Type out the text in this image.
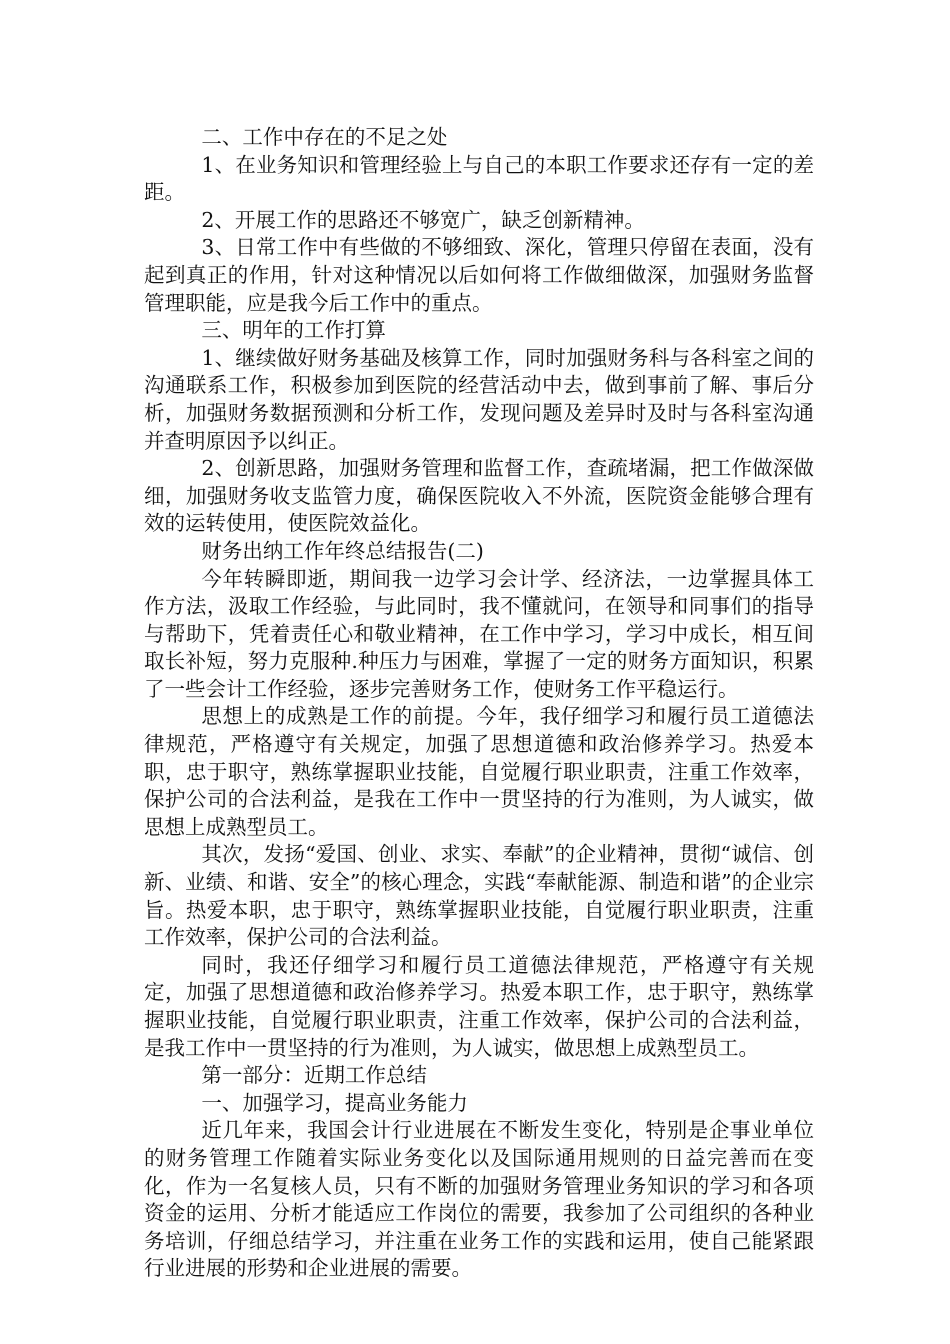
二、工作中存在的不足之处

1、在业务知识和管理经验上与自己的本职工作要求还存有一定的差距。

2、开展工作的思路还不够宽广，缺乏创新精神。

3、日常工作中有些做的不够细致、深化，管理只停留在表面，没有起到真正的作用，针对这种情况以后如何将工作做细做深，加强财务监督管理职能，应是我今后工作中的重点。

三、明年的工作打算

1、继续做好财务基础及核算工作，同时加强财务科与各科室之间的沟通联系工作，积极参加到医院的经营活动中去，做到事前了解、事后分析，加强财务数据预测和分析工作，发现问题及差异时及时与各科室沟通并查明原因予以纠正。

2、创新思路，加强财务管理和监督工作，查疏堵漏，把工作做深做细，加强财务收支监管力度，确保医院收入不外流，医院资金能够合理有效的运转使用，使医院效益化。

财务出纳工作年终总结报告(二)

今年转瞬即逝，期间我一边学习会计学、经济法，一边掌握具体工作方法，汲取工作经验，与此同时，我不懂就问，在领导和同事们的指导与帮助下，凭着责任心和敬业精神，在工作中学习，学习中成长，相互间取长补短，努力克服种.种压力与困难，掌握了一定的财务方面知识，积累了一些会计工作经验，逐步完善财务工作，使财务工作平稳运行。

思想上的成熟是工作的前提。今年，我仔细学习和履行员工道德法律规范，严格遵守有关规定，加强了思想道德和政治修养学习。热爱本职，忠于职守，熟练掌握职业技能，自觉履行职业职责，注重工作效率，保护公司的合法利益，是我在工作中一贯坚持的行为准则，为人诚实，做思想上成熟型员工。

其次，发扬“爱国、创业、求实、奉献”的企业精神，贯彻“诚信、创新、业绩、和谐、安全”的核心理念，实践“奉献能源、制造和谐”的企业宗旨。热爱本职，忠于职守，熟练掌握职业技能，自觉履行职业职责，注重工作效率，保护公司的合法利益。

同时，我还仔细学习和履行员工道德法律规范，严格遵守有关规定，加强了思想道德和政治修养学习。热爱本职工作，忠于职守，熟练掌握职业技能，自觉履行职业职责，注重工作效率，保护公司的合法利益，是我工作中一贯坚持的行为准则，为人诚实，做思想上成熟型员工。

第一部分：近期工作总结

一、加强学习，提高业务能力

近几年来，我国会计行业进展在不断发生变化，特别是企事业单位的财务管理工作随着实际业务变化以及国际通用规则的日益完善而在变化，作为一名复核人员，只有不断的加强财务管理业务知识的学习和各项资金的运用、分析才能适应工作岗位的需要，我参加了公司组织的各种业务培训，仔细总结学习，并注重在业务工作的实践和运用，使自己能紧跟行业进展的形势和企业进展的需要。
